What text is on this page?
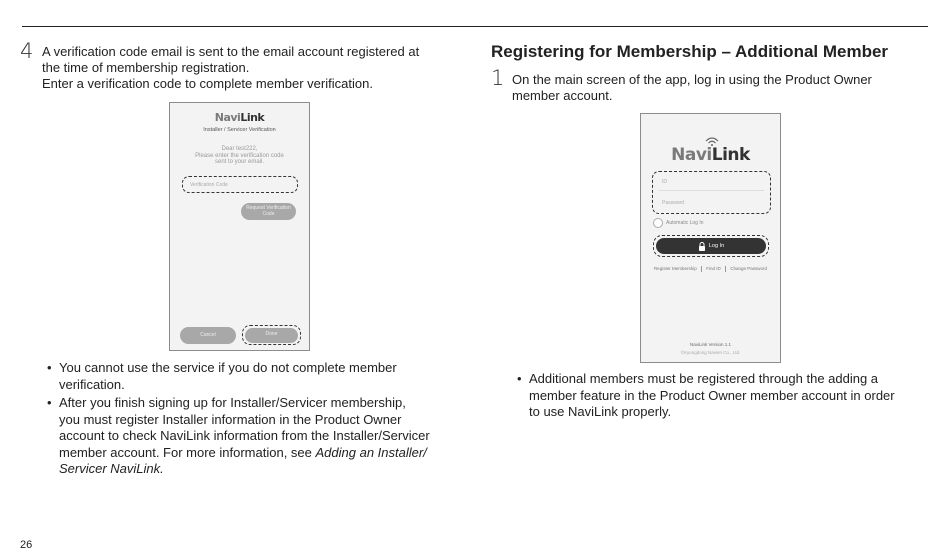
4 A verification code email is sent to the email account registered at
the time of membership registration.
Enter a verification code to complete member verification.
NaviLink
Installer / Servicer Verification
Dear test222,
Please enter the verification code
sent to your email.
Verification Code
Request Verification
Code
Cancel	Done
• You cannot use the service if you do not complete member
verification.
• After you finish signing up for Installer/Servicer membership,
you must register Installer information in the Product Owner
account to check NaviLink information from the Installer/Servicer
member account. For more information, see Adding an Installer/
Servicer NaviLink.
Registering for Membership – Additional Member
1 On the main screen of the app, log in using the Product Owner
member account.
NaviLink
ID
Password
Automatic Log In
Log In
Register Membership Find ID Change Password
NaviLink Version 1.1
©Kyungdong Navien Co., Ltd.
• Additional members must be registered through the adding a
member feature in the Product Owner member account in order
to use NaviLink properly.
26
